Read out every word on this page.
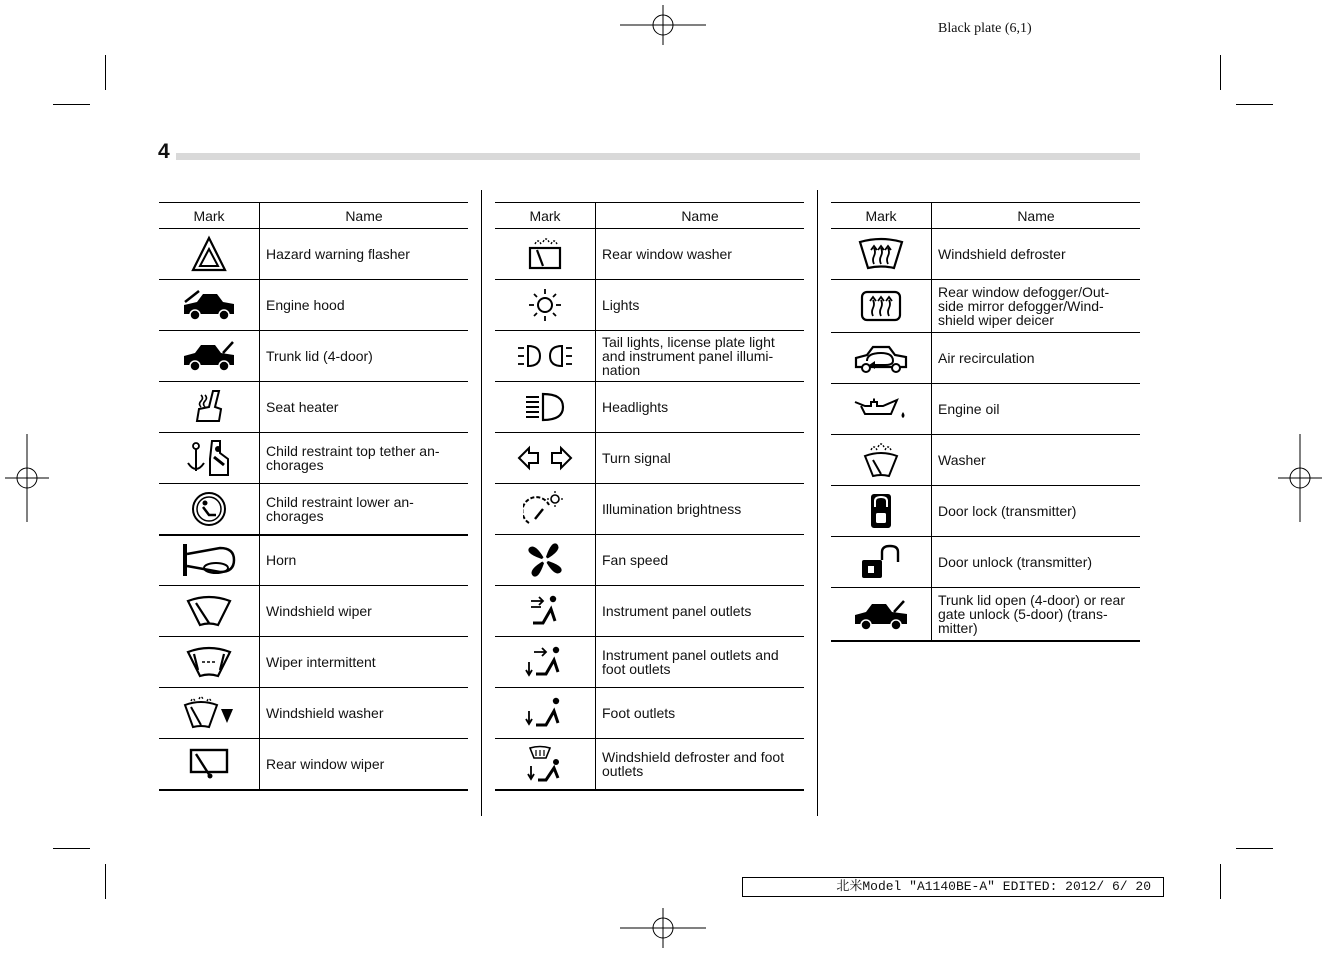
Black plate (6,1)
4
Mark	Name

	Hazard warning flasher

	Engine hood

	Trunk lid (4-door)

	Seat heater

	Child restraint top tether an-chorages

	Child restraint lower an-chorages

	Horn

	Windshield wiper

	Wiper intermittent

	Windshield washer

	Rear window wiper
Mark	Name

	Rear window washer

	Lights

	Tail lights, license plate light and instrument panel illumi-nation

	Headlights

	Turn signal

	Illumination brightness

	Fan speed

	Instrument panel outlets

	Instrument panel outlets and foot outlets

	Foot outlets

	Windshield defroster and foot outlets
Mark	Name

	Windshield defroster

	Rear window defogger/Out-side mirror defogger/Wind-shield wiper deicer

	Air recirculation

	Engine oil

	Washer

	Door lock (transmitter)

	Door unlock (transmitter)

	Trunk lid open (4-door) or rear gate unlock (5-door) (trans-mitter)
北米Model "A1140BE-A" EDITED: 2012/ 6/ 20
